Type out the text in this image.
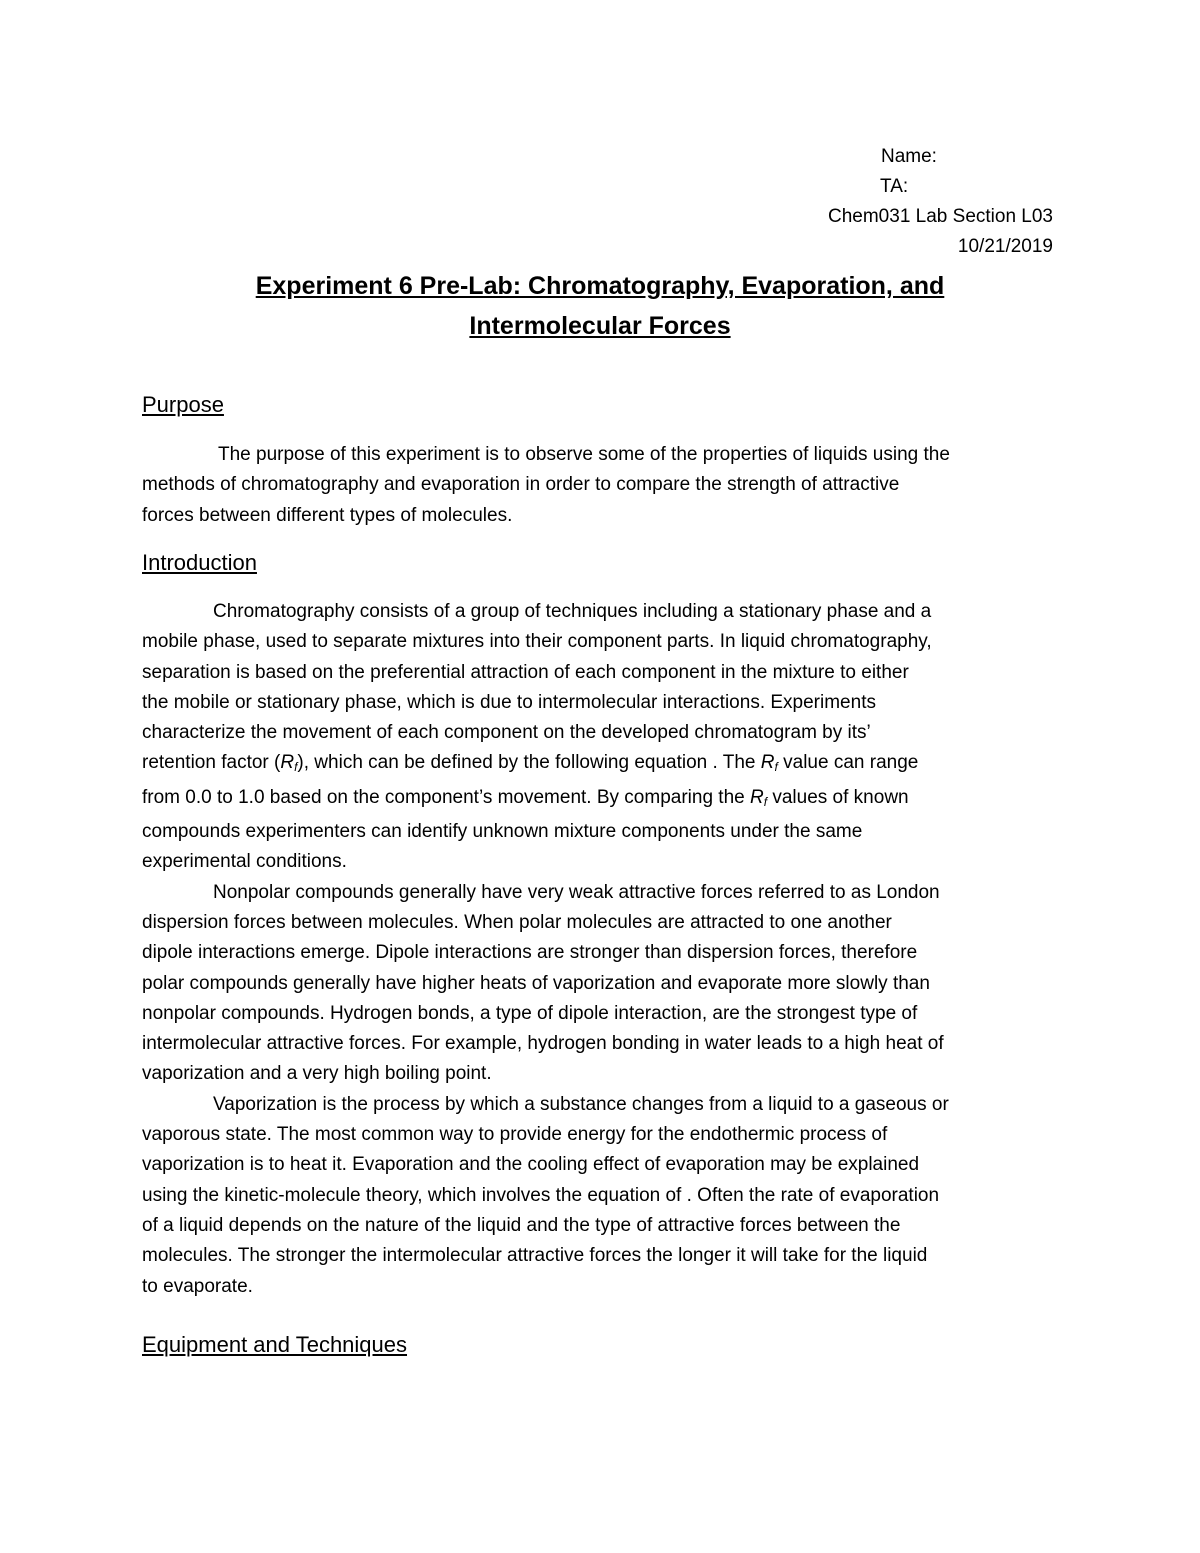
Name:
TA:
Chem031 Lab Section L03
10/21/2019
Experiment 6 Pre-Lab: Chromatography, Evaporation, and
Intermolecular Forces
Purpose
The purpose of this experiment is to observe some of the properties of liquids using the
methods of chromatography and evaporation in order to compare the strength of attractive
forces between different types of molecules.
Introduction
Chromatography consists of a group of techniques including a stationary phase and a
mobile phase, used to separate mixtures into their component parts. In liquid chromatography,
separation is based on the preferential attraction of each component in the mixture to either
the mobile or stationary phase, which is due to intermolecular interactions. Experiments
characterize the movement of each component on the developed chromatogram by its’
retention factor $(R_f)$, which can be defined by the following equation . The $R_f$ value can range
from 0.0 to 1.0 based on the component’s movement. By comparing the $R_f$ values of known
compounds experimenters can identify unknown mixture components under the same
experimental conditions.
Nonpolar compounds generally have very weak attractive forces referred to as London
dispersion forces between molecules. When polar molecules are attracted to one another
dipole interactions emerge. Dipole interactions are stronger than dispersion forces, therefore
polar compounds generally have higher heats of vaporization and evaporate more slowly than
nonpolar compounds. Hydrogen bonds, a type of dipole interaction, are the strongest type of
intermolecular attractive forces. For example, hydrogen bonding in water leads to a high heat of
vaporization and a very high boiling point.
Vaporization is the process by which a substance changes from a liquid to a gaseous or
vaporous state. The most common way to provide energy for the endothermic process of
vaporization is to heat it. Evaporation and the cooling effect of evaporation may be explained
using the kinetic-molecule theory, which involves the equation of . Often the rate of evaporation
of a liquid depends on the nature of the liquid and the type of attractive forces between the
molecules. The stronger the intermolecular attractive forces the longer it will take for the liquid
to evaporate.
Equipment and Techniques
